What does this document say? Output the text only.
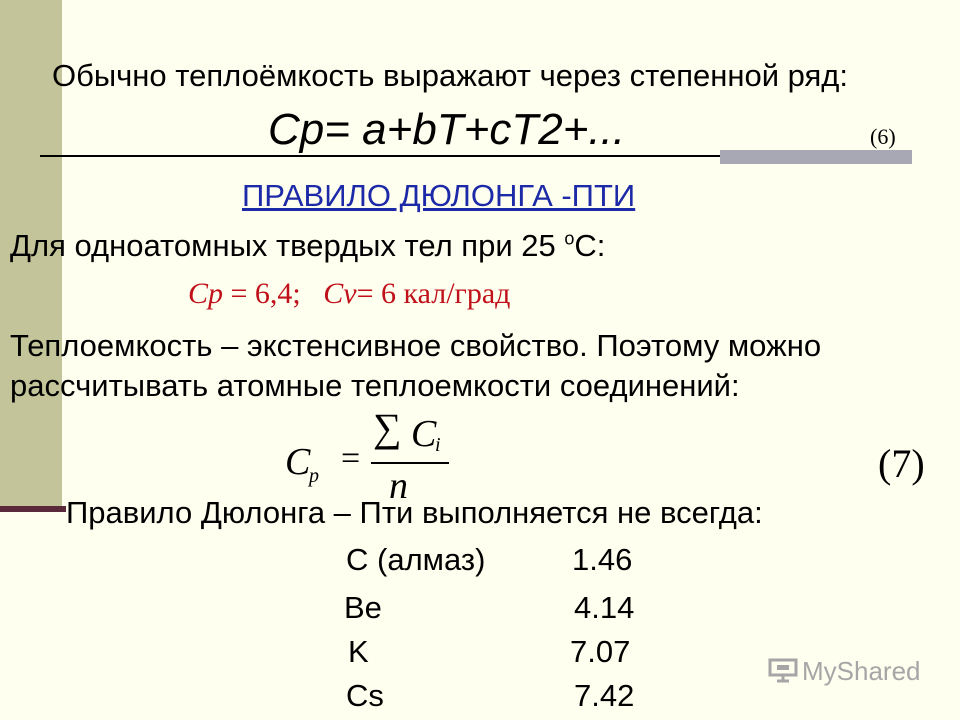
Обычно теплоёмкость выражают через степенной ряд:
Cp= a+bT+cT2+...	(6)
ПРАВИЛО ДЮЛОНГА -ПТИ
Для одноатомных твердых тел при 25 $^o$C:
Cp = 6,4;   Cv= 6 кал/град
Теплоемкость – экстенсивное свойство. Поэтому можно
рассчитывать атомные теплоемкости соединений:
C
p =
∑ C
i
n	(7)
Правило Дюлонга – Пти выполняется не всегда:
C (алмаз)	1.46
Be	4.14
K	7.07
Cs	7.42
MyShared
